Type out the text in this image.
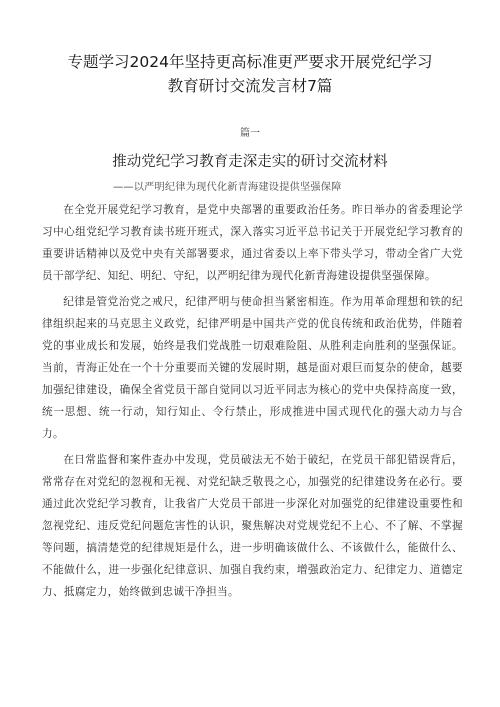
专题学习2024年坚持更高标准更严要求开展党纪学习
教育研讨交流发言材7篇
篇一
推动党纪学习教育走深走实的研讨交流材料
——以严明纪律为现代化新青海建设提供坚强保障

在全党开展党纪学习教育，是党中央部署的重要政治任务。昨日举办的省委理论学习中心组党纪学习教育读书班开班式，深入落实习近平总书记关于开展党纪学习教育的重要讲话精神以及党中央有关部署要求，通过省委以上率下带头学习，带动全省广大党员干部学纪、知纪、明纪、守纪，以严明纪律为现代化新青海建设提供坚强保障。

纪律是管党治党之戒尺，纪律严明与使命担当紧密相连。作为用革命理想和铁的纪律组织起来的马克思主义政党，纪律严明是中国共产党的优良传统和政治优势，伴随着党的事业成长和发展，始终是我们党战胜一切艰难险阻、从胜利走向胜利的坚强保证。当前，青海正处在一个十分重要而关键的发展时期，越是面对艰巨而复杂的使命，越要加强纪律建设，确保全省党员干部自觉同以习近平同志为核心的党中央保持高度一致，统一思想、统一行动，知行知止、令行禁止，形成推进中国式现代化的强大动力与合力。

在日常监督和案件查办中发现，党员破法无不始于破纪，在党员干部犯错误背后，常常存在对党纪的忽视和无视、对党纪缺乏敬畏之心，加强党的纪律建设务在必行。要通过此次党纪学习教育，让我省广大党员干部进一步深化对加强党的纪律建设重要性和忽视党纪、违反党纪问题危害性的认识，聚焦解决对党规党纪不上心、不了解、不掌握等问题，搞清楚党的纪律规矩是什么，进一步明确该做什么、不该做什么，能做什么、不能做什么，进一步强化纪律意识、加强自我约束，增强政治定力、纪律定力、道德定力、抵腐定力，始终做到忠诚干净担当。
